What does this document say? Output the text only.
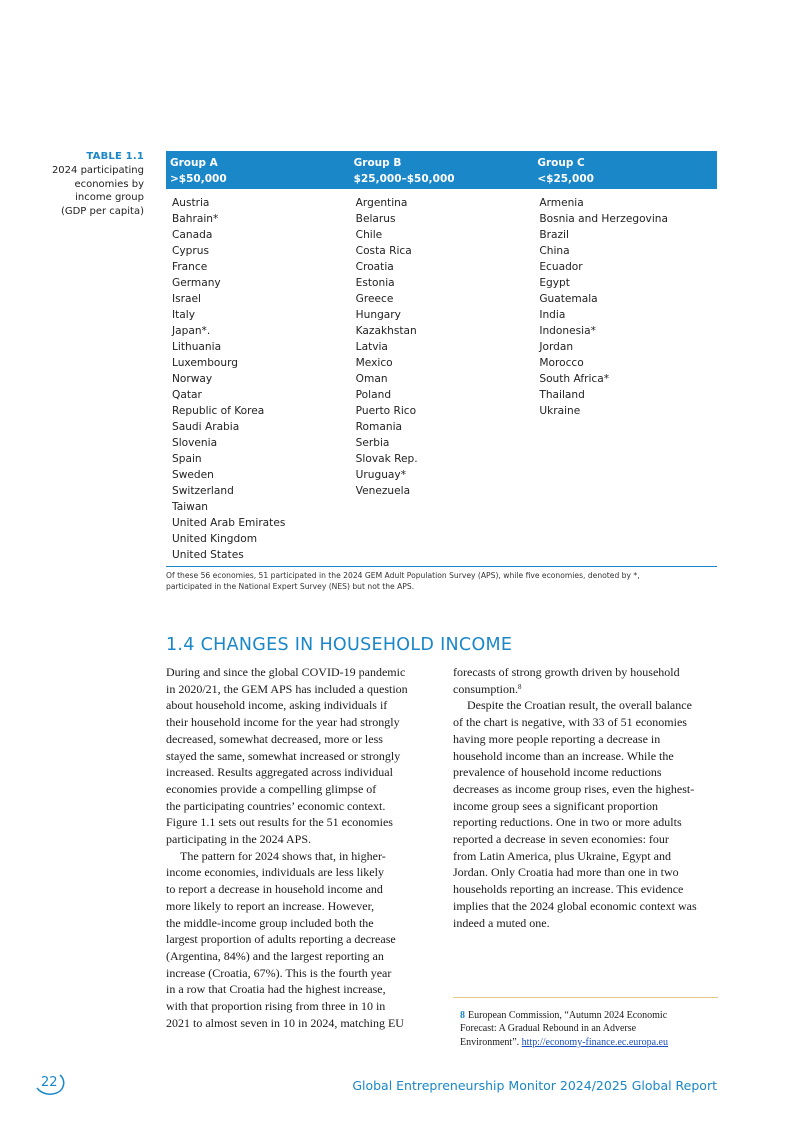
TABLE 1.1
2024 participating
economies by
income group
(GDP per capita)
Group A
>$50,000
Group B
$25,000–$50,000
Group C
<$25,000
Austria
Bahrain*
Canada
Cyprus
France
Germany
Israel
Italy
Japan*.
Lithuania
Luxembourg
Norway
Qatar
Republic of Korea
Saudi Arabia
Slovenia
Spain
Sweden
Switzerland
Taiwan
United Arab Emirates
United Kingdom
United States
Argentina
Belarus
Chile
Costa Rica
Croatia
Estonia
Greece
Hungary
Kazakhstan
Latvia
Mexico
Oman
Poland
Puerto Rico
Romania
Serbia
Slovak Rep.
Uruguay*
Venezuela
Armenia
Bosnia and Herzegovina
Brazil
China
Ecuador
Egypt
Guatemala
India
Indonesia*
Jordan
Morocco
South Africa*
Thailand
Ukraine
Of these 56 economies, 51 participated in the 2024 GEM Adult Population Survey (APS), while five economies, denoted by *,
participated in the National Expert Survey (NES) but not the APS.
1.4 CHANGES IN HOUSEHOLD INCOME

During and since the global COVID-19 pandemic
in 2020/21, the GEM APS has included a question
about household income, asking individuals if
their household income for the year had strongly
decreased, somewhat decreased, more or less
stayed the same, somewhat increased or strongly
increased. Results aggregated across individual
economies provide a compelling glimpse of
the participating countries’ economic context.
Figure 1.1 sets out results for the 51 economies
participating in the 2024 APS.

The pattern for 2024 shows that, in higher-
income economies, individuals are less likely
to report a decrease in household income and
more likely to report an increase. However,
the middle-income group included both the
largest proportion of adults reporting a decrease
(Argentina, 84%) and the largest reporting an
increase (Croatia, 67%). This is the fourth year
in a row that Croatia had the highest increase,
with that proportion rising from three in 10 in
2021 to almost seven in 10 in 2024, matching EU

forecasts of strong growth driven by household
consumption.$^8$

Despite the Croatian result, the overall balance
of the chart is negative, with 33 of 51 economies
having more people reporting a decrease in
household income than an increase. While the
prevalence of household income reductions
decreases as income group rises, even the highest-
income group sees a significant proportion
reporting reductions. One in two or more adults
reported a decrease in seven economies: four
from Latin America, plus Ukraine, Egypt and
Jordan. Only Croatia had more than one in two
households reporting an increase. This evidence
implies that the 2024 global economic context was
indeed a muted one.

8 European Commission, “Autumn 2024 Economic
Forecast: A Gradual Rebound in an Adverse
Environment”. http://economy-finance.ec.europa.eu
22	Global Entrepreneurship Monitor 2024/2025 Global Report
